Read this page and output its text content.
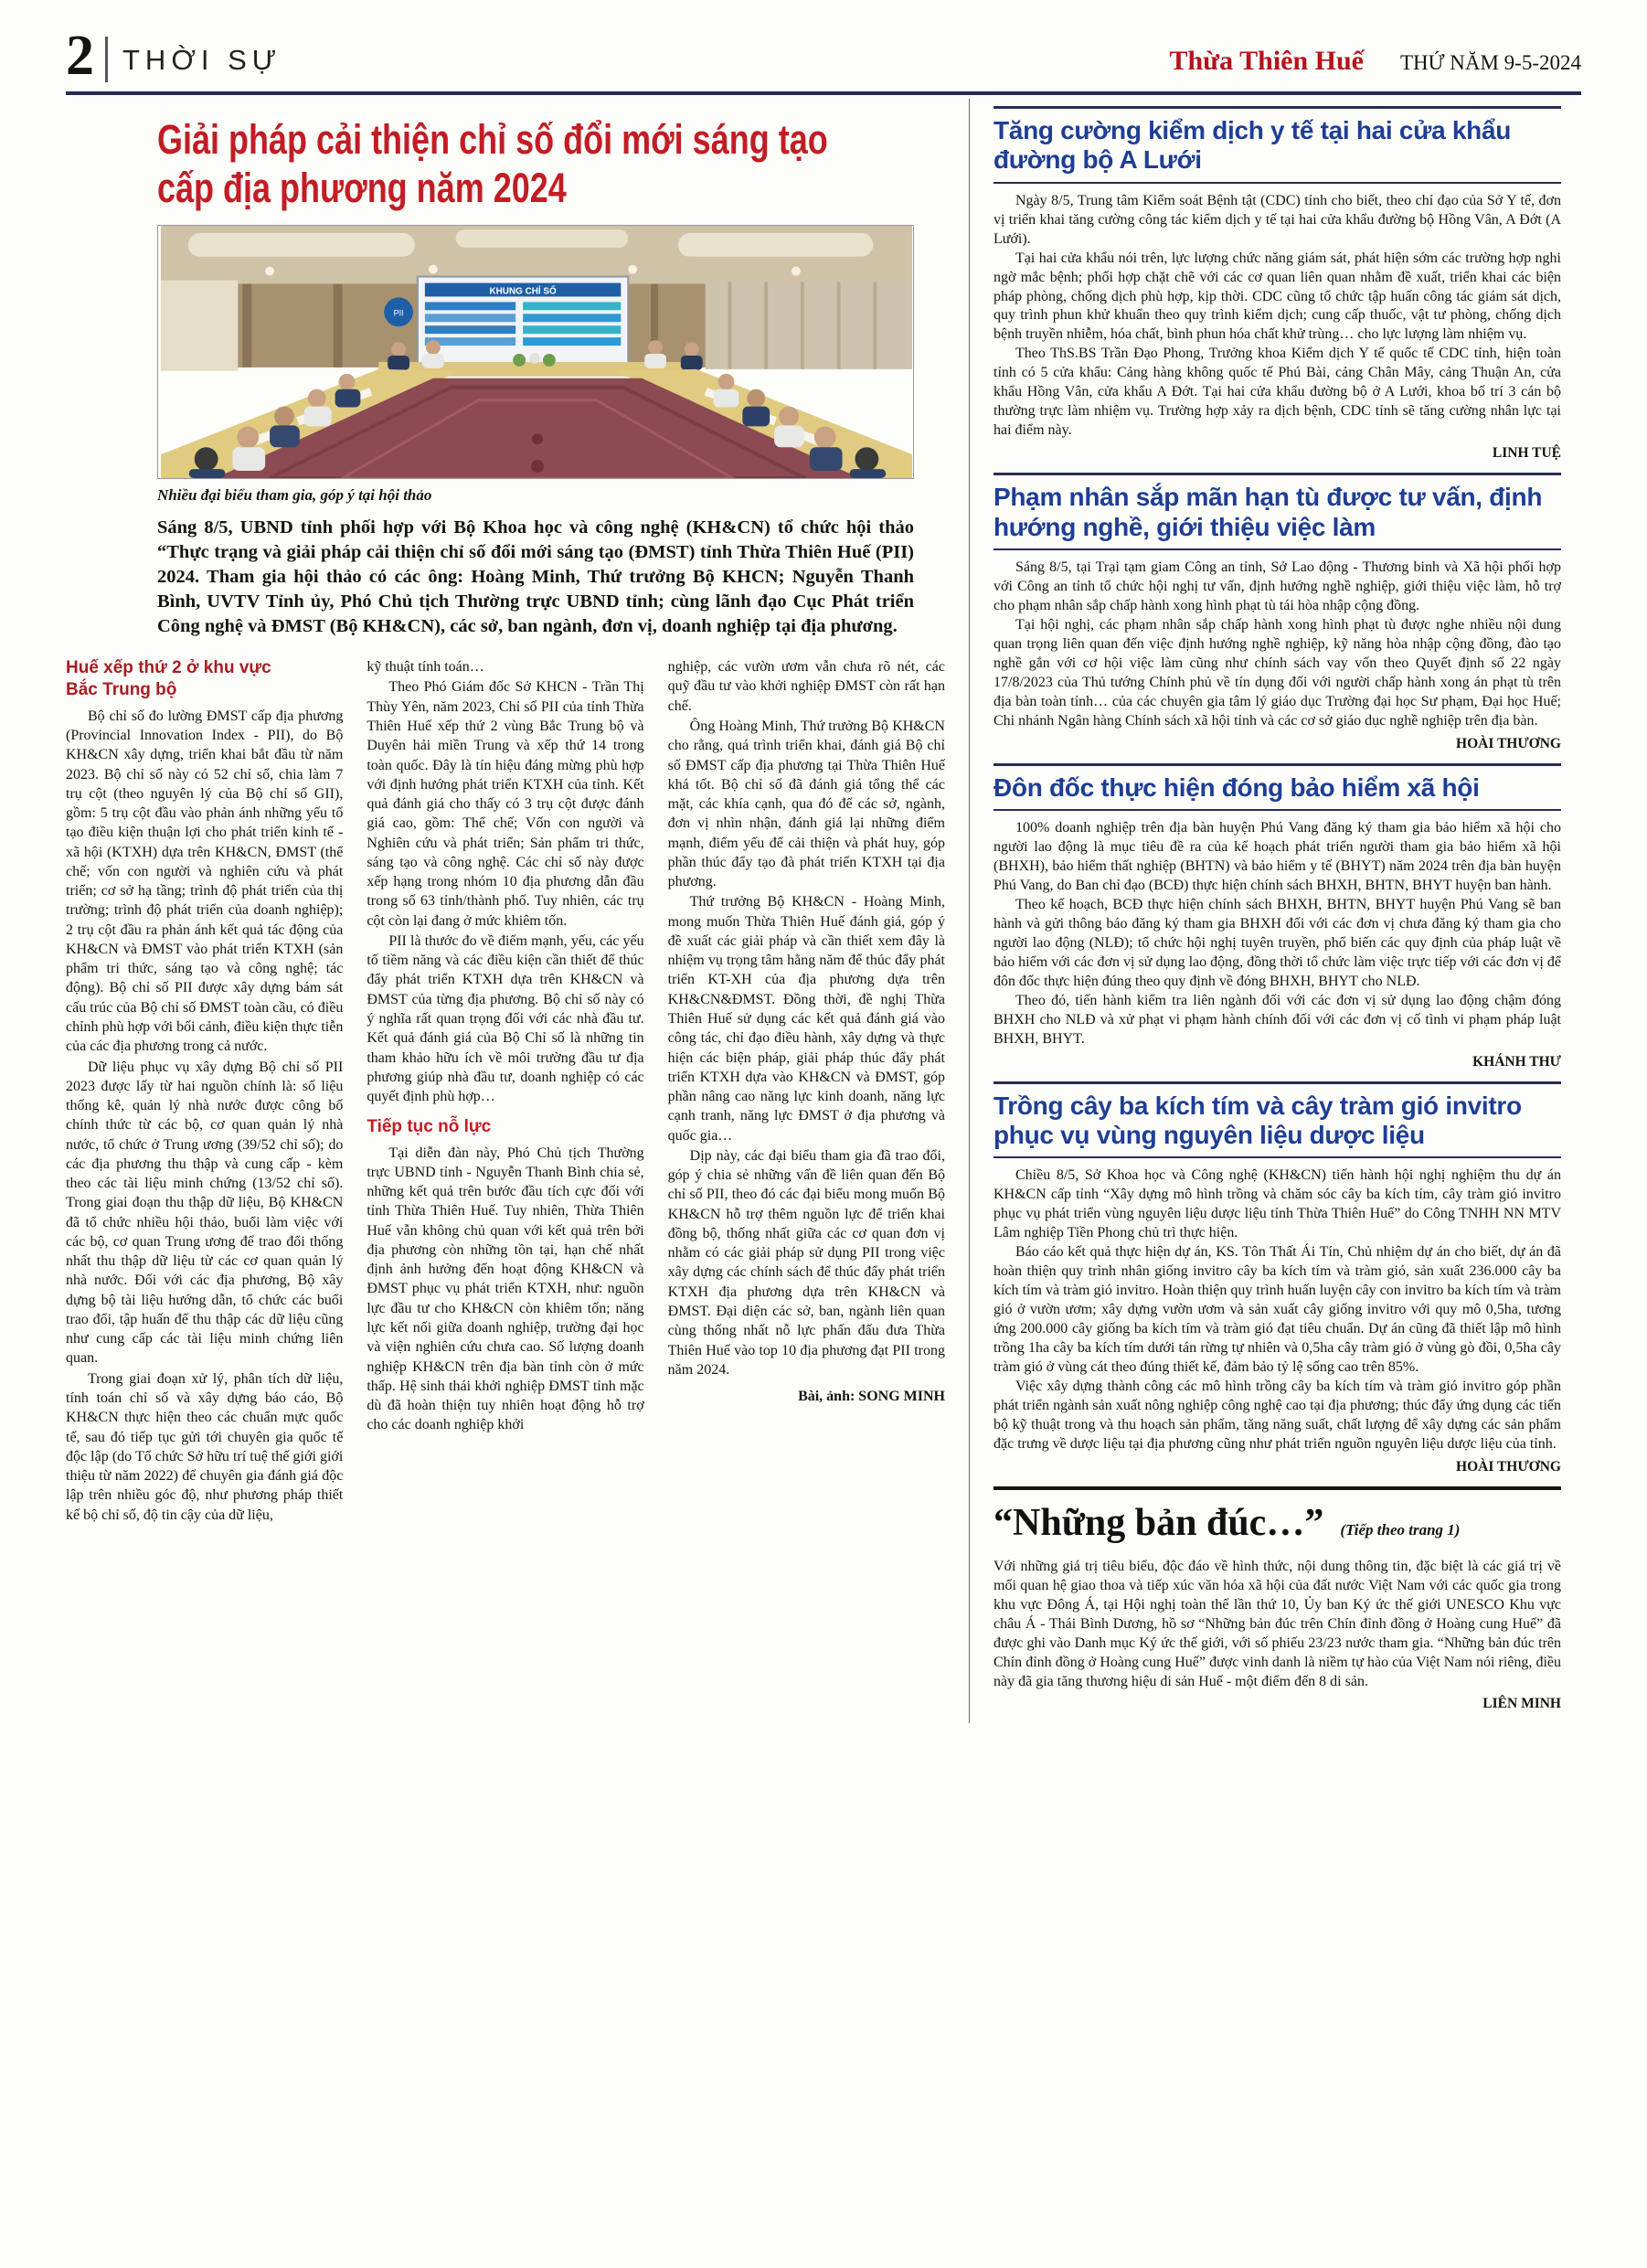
2 THỜI SỰ	Thừa Thiên Huế THỨ NĂM 9-5-2024
Giải pháp cải thiện chỉ số đổi mới sáng tạo
cấp địa phương năm 2024
KHUNG CHỈ SỐ
PII
Nhiều đại biểu tham gia, góp ý tại hội thảo
Sáng 8/5, UBND tỉnh phối hợp với Bộ Khoa học và công nghệ (KH&CN) tổ chức hội thảo “Thực trạng và giải pháp cải thiện chỉ số đổi mới sáng tạo (ĐMST) tỉnh Thừa Thiên Huế (PII) 2024. Tham gia hội thảo có các ông: Hoàng Minh, Thứ trưởng Bộ KHCN; Nguyễn Thanh Bình, UVTV Tỉnh ủy, Phó Chủ tịch Thường trực UBND tỉnh; cùng lãnh đạo Cục Phát triển Công nghệ và ĐMST (Bộ KH&CN), các sở, ban ngành, đơn vị, doanh nghiệp tại địa phương.
Huế xếp thứ 2 ở khu vực
Bắc Trung bộ

Bộ chỉ số đo lường ĐMST cấp địa phương (Provincial Innovation Index - PII), do Bộ KH&CN xây dựng, triển khai bắt đầu từ năm 2023. Bộ chỉ số này có 52 chỉ số, chia làm 7 trụ cột (theo nguyên lý của Bộ chỉ số GII), gồm: 5 trụ cột đầu vào phản ánh những yếu tố tạo điều kiện thuận lợi cho phát triển kinh tế - xã hội (KTXH) dựa trên KH&CN, ĐMST (thể chế; vốn con người và nghiên cứu và phát triển; cơ sở hạ tầng; trình độ phát triển của thị trường; trình độ phát triển của doanh nghiệp); 2 trụ cột đầu ra phản ánh kết quả tác động của KH&CN và ĐMST vào phát triển KTXH (sản phẩm tri thức, sáng tạo và công nghệ; tác động). Bộ chỉ số PII được xây dựng bám sát cấu trúc của Bộ chỉ số ĐMST toàn cầu, có điều chỉnh phù hợp với bối cảnh, điều kiện thực tiễn của các địa phương trong cả nước.

Dữ liệu phục vụ xây dựng Bộ chỉ số PII 2023 được lấy từ hai nguồn chính là: số liệu thống kê, quản lý nhà nước được công bố chính thức từ các bộ, cơ quan quản lý nhà nước, tổ chức ở Trung ương (39/52 chỉ số); do các địa phương thu thập và cung cấp - kèm theo các tài liệu minh chứng (13/52 chỉ số). Trong giai đoạn thu thập dữ liệu, Bộ KH&CN đã tổ chức nhiều hội thảo, buổi làm việc với các bộ, cơ quan Trung ương để trao đổi thống nhất thu thập dữ liệu từ các cơ quan quản lý nhà nước. Đối với các địa phương, Bộ xây dựng bộ tài liệu hướng dẫn, tổ chức các buổi trao đổi, tập huấn để thu thập các dữ liệu cũng như cung cấp các tài liệu minh chứng liên quan.

Trong giai đoạn xử lý, phân tích dữ liệu, tính toán chỉ số và xây dựng báo cáo, Bộ KH&CN thực hiện theo các chuẩn mực quốc tế, sau đó tiếp tục gửi tới chuyên gia quốc tế độc lập (do Tổ chức Sở hữu trí tuệ thế giới giới thiệu từ năm 2022) để chuyên gia đánh giá độc lập trên nhiều góc độ, như phương pháp thiết kế bộ chỉ số, độ tin cậy của dữ liệu,

kỹ thuật tính toán…

Theo Phó Giám đốc Sở KHCN - Trần Thị Thùy Yên, năm 2023, Chỉ số PII của tỉnh Thừa Thiên Huế xếp thứ 2 vùng Bắc Trung bộ và Duyên hải miền Trung và xếp thứ 14 trong toàn quốc. Đây là tín hiệu đáng mừng phù hợp với định hướng phát triển KTXH của tỉnh. Kết quả đánh giá cho thấy có 3 trụ cột được đánh giá cao, gồm: Thể chế; Vốn con người và Nghiên cứu và phát triển; Sản phẩm tri thức, sáng tạo và công nghệ. Các chỉ số này được xếp hạng trong nhóm 10 địa phương dẫn đầu trong số 63 tỉnh/thành phố. Tuy nhiên, các trụ cột còn lại đang ở mức khiêm tốn.

PII là thước đo về điểm mạnh, yếu, các yếu tố tiềm năng và các điều kiện cần thiết để thúc đẩy phát triển KTXH dựa trên KH&CN và ĐMST của từng địa phương. Bộ chỉ số này có ý nghĩa rất quan trọng đối với các nhà đầu tư. Kết quả đánh giá của Bộ Chỉ số là những tin tham khảo hữu ích về môi trường đầu tư địa phương giúp nhà đầu tư, doanh nghiệp có các quyết định phù hợp…

Tiếp tục nỗ lực

Tại diễn đàn này, Phó Chủ tịch Thường trực UBND tỉnh - Nguyễn Thanh Bình chia sẻ, những kết quả trên bước đầu tích cực đối với tỉnh Thừa Thiên Huế. Tuy nhiên, Thừa Thiên Huế vẫn không chủ quan với kết quả trên bởi địa phương còn những tồn tại, hạn chế nhất định ảnh hưởng đến hoạt động KH&CN và ĐMST phục vụ phát triển KTXH, như: nguồn lực đầu tư cho KH&CN còn khiêm tốn; năng lực kết nối giữa doanh nghiệp, trường đại học và viện nghiên cứu chưa cao. Số lượng doanh nghiệp KH&CN trên địa bàn tỉnh còn ở mức thấp. Hệ sinh thái khởi nghiệp ĐMST tỉnh mặc dù đã hoàn thiện tuy nhiên hoạt động hỗ trợ cho các doanh nghiệp khởi

nghiệp, các vườn ươm vẫn chưa rõ nét, các quỹ đầu tư vào khởi nghiệp ĐMST còn rất hạn chế.

Ông Hoàng Minh, Thứ trưởng Bộ KH&CN cho rằng, quá trình triển khai, đánh giá Bộ chỉ số ĐMST cấp địa phương tại Thừa Thiên Huế khá tốt. Bộ chỉ số đã đánh giá tổng thể các mặt, các khía cạnh, qua đó để các sở, ngành, đơn vị nhìn nhận, đánh giá lại những điểm mạnh, điểm yếu để cải thiện và phát huy, góp phần thúc đẩy tạo đà phát triển KTXH tại địa phương.

Thứ trưởng Bộ KH&CN - Hoàng Minh, mong muốn Thừa Thiên Huế đánh giá, góp ý đề xuất các giải pháp và cần thiết xem đây là nhiệm vụ trọng tâm hằng năm để thúc đẩy phát triển KT-XH của địa phương dựa trên KH&CN&ĐMST. Đồng thời, đề nghị Thừa Thiên Huế sử dụng các kết quả đánh giá vào công tác, chỉ đạo điều hành, xây dựng và thực hiện các biện pháp, giải pháp thúc đẩy phát triển KTXH dựa vào KH&CN và ĐMST, góp phần nâng cao năng lực kinh doanh, năng lực cạnh tranh, năng lực ĐMST ở địa phương và quốc gia…

Dịp này, các đại biểu tham gia đã trao đổi, góp ý chia sẻ những vấn đề liên quan đến Bộ chỉ số PII, theo đó các đại biểu mong muốn Bộ KH&CN hỗ trợ thêm nguồn lực để triển khai đồng bộ, thống nhất giữa các cơ quan đơn vị nhằm có các giải pháp sử dụng PII trong việc xây dựng các chính sách để thúc đẩy phát triển KTXH địa phương dựa trên KH&CN và ĐMST. Đại diện các sở, ban, ngành liên quan cùng thống nhất nỗ lực phấn đấu đưa Thừa Thiên Huế vào top 10 địa phương đạt PII trong năm 2024.

Bài, ảnh: SONG MINH
Tăng cường kiểm dịch y tế tại hai cửa khẩu đường bộ A Lưới

Ngày 8/5, Trung tâm Kiểm soát Bệnh tật (CDC) tỉnh cho biết, theo chỉ đạo của Sở Y tế, đơn vị triển khai tăng cường công tác kiểm dịch y tế tại hai cửa khẩu đường bộ Hồng Vân, A Đớt (A Lưới).

Tại hai cửa khẩu nói trên, lực lượng chức năng giám sát, phát hiện sớm các trường hợp nghi ngờ mắc bệnh; phối hợp chặt chẽ với các cơ quan liên quan nhằm đề xuất, triển khai các biện pháp phòng, chống dịch phù hợp, kịp thời. CDC cũng tổ chức tập huấn công tác giám sát dịch, quy trình phun khử khuẩn theo quy trình kiểm dịch; cung cấp thuốc, vật tư phòng, chống dịch bệnh truyền nhiễm, hóa chất, bình phun hóa chất khử trùng… cho lực lượng làm nhiệm vụ.

Theo ThS.BS Trần Đạo Phong, Trưởng khoa Kiểm dịch Y tế quốc tế CDC tỉnh, hiện toàn tỉnh có 5 cửa khẩu: Cảng hàng không quốc tế Phú Bài, cảng Chân Mây, cảng Thuận An, cửa khẩu Hồng Vân, cửa khẩu A Đớt. Tại hai cửa khẩu đường bộ ở A Lưới, khoa bố trí 3 cán bộ thường trực làm nhiệm vụ. Trường hợp xảy ra dịch bệnh, CDC tỉnh sẽ tăng cường nhân lực tại hai điểm này.

LINH TUỆ
Phạm nhân sắp mãn hạn tù được tư vấn, định hướng nghề, giới thiệu việc làm

Sáng 8/5, tại Trại tạm giam Công an tỉnh, Sở Lao động - Thương binh và Xã hội phối hợp với Công an tỉnh tổ chức hội nghị tư vấn, định hướng nghề nghiệp, giới thiệu việc làm, hỗ trợ cho phạm nhân sắp chấp hành xong hình phạt tù tái hòa nhập cộng đồng.

Tại hội nghị, các phạm nhân sắp chấp hành xong hình phạt tù được nghe nhiều nội dung quan trọng liên quan đến việc định hướng nghề nghiệp, kỹ năng hòa nhập cộng đồng, đào tạo nghề gắn với cơ hội việc làm cũng như chính sách vay vốn theo Quyết định số 22 ngày 17/8/2023 của Thủ tướng Chính phủ về tín dụng đối với người chấp hành xong án phạt tù trên địa bàn toàn tỉnh… của các chuyên gia tâm lý giáo dục Trường đại học Sư phạm, Đại học Huế; Chi nhánh Ngân hàng Chính sách xã hội tỉnh và các cơ sở giáo dục nghề nghiệp trên địa bàn.

HOÀI THƯƠNG
Đôn đốc thực hiện đóng bảo hiểm xã hội

100% doanh nghiệp trên địa bàn huyện Phú Vang đăng ký tham gia bảo hiểm xã hội cho người lao động là mục tiêu đề ra của kế hoạch phát triển người tham gia bảo hiểm xã hội (BHXH), bảo hiểm thất nghiệp (BHTN) và bảo hiểm y tế (BHYT) năm 2024 trên địa bàn huyện Phú Vang, do Ban chỉ đạo (BCĐ) thực hiện chính sách BHXH, BHTN, BHYT huyện ban hành.

Theo kế hoạch, BCĐ thực hiện chính sách BHXH, BHTN, BHYT huyện Phú Vang sẽ ban hành và gửi thông báo đăng ký tham gia BHXH đối với các đơn vị chưa đăng ký tham gia cho người lao động (NLĐ); tổ chức hội nghị tuyên truyền, phổ biến các quy định của pháp luật về bảo hiểm với các đơn vị sử dụng lao động, đồng thời tổ chức làm việc trực tiếp với các đơn vị để đôn đốc thực hiện đúng theo quy định về đóng BHXH, BHYT cho NLĐ.

Theo đó, tiến hành kiểm tra liên ngành đối với các đơn vị sử dụng lao động chậm đóng BHXH cho NLĐ và xử phạt vi phạm hành chính đối với các đơn vị cố tình vi phạm pháp luật BHXH, BHYT.

KHÁNH THƯ
Trồng cây ba kích tím và cây tràm gió invitro phục vụ vùng nguyên liệu dược liệu

Chiều 8/5, Sở Khoa học và Công nghệ (KH&CN) tiến hành hội nghị nghiệm thu dự án KH&CN cấp tỉnh “Xây dựng mô hình trồng và chăm sóc cây ba kích tím, cây tràm gió invitro phục vụ phát triển vùng nguyên liệu dược liệu tỉnh Thừa Thiên Huế” do Công TNHH NN MTV Lâm nghiệp Tiền Phong chủ trì thực hiện.

Báo cáo kết quả thực hiện dự án, KS. Tôn Thất Ái Tín, Chủ nhiệm dự án cho biết, dự án đã hoàn thiện quy trình nhân giống invitro cây ba kích tím và tràm gió, sản xuất 236.000 cây ba kích tím và tràm gió invitro. Hoàn thiện quy trình huấn luyện cây con invitro ba kích tím và tràm gió ở vườn ươm; xây dựng vườn ươm và sản xuất cây giống invitro với quy mô 0,5ha, tương ứng 200.000 cây giống ba kích tím và tràm gió đạt tiêu chuẩn. Dự án cũng đã thiết lập mô hình trồng 1ha cây ba kích tím dưới tán rừng tự nhiên và 0,5ha cây tràm gió ở vùng gò đồi, 0,5ha cây tràm gió ở vùng cát theo đúng thiết kế, đảm bảo tỷ lệ sống cao trên 85%.

Việc xây dựng thành công các mô hình trồng cây ba kích tím và tràm gió invitro góp phần phát triển ngành sản xuất nông nghiệp công nghệ cao tại địa phương; thúc đẩy ứng dụng các tiến bộ kỹ thuật trong và thu hoạch sản phẩm, tăng năng suất, chất lượng để xây dựng các sản phẩm đặc trưng về dược liệu tại địa phương cũng như phát triển nguồn nguyên liệu dược liệu của tỉnh.

HOÀI THƯƠNG
“Những bản đúc…” (Tiếp theo trang 1)

Với những giá trị tiêu biểu, độc đáo về hình thức, nội dung thông tin, đặc biệt là các giá trị về mối quan hệ giao thoa và tiếp xúc văn hóa xã hội của đất nước Việt Nam với các quốc gia trong khu vực Đông Á, tại Hội nghị toàn thể lần thứ 10, Ủy ban Ký ức thế giới UNESCO Khu vực châu Á - Thái Bình Dương, hồ sơ “Những bản đúc trên Chín đỉnh đồng ở Hoàng cung Huế” đã được ghi vào Danh mục Ký ức thế giới, với số phiếu 23/23 nước tham gia. “Những bản đúc trên Chín đỉnh đồng ở Hoàng cung Huế” được vinh danh là niềm tự hào của Việt Nam nói riêng, điều này đã gia tăng thương hiệu di sản Huế - một điểm đến 8 di sản.

LIÊN MINH
